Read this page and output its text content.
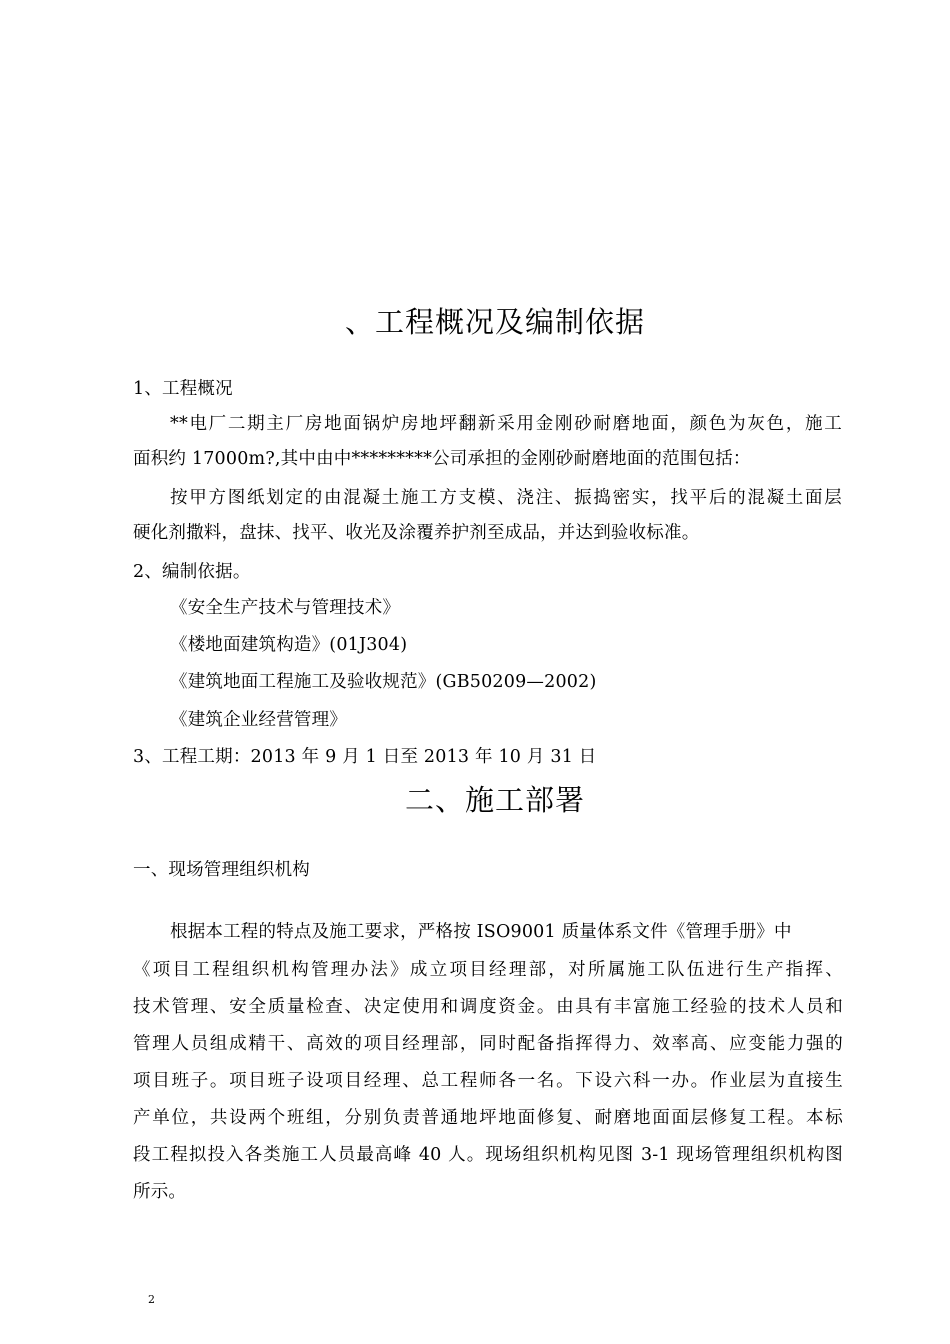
、工程概况及编制依据
1、工程概况
**电厂二期主厂房地面锅炉房地坪翻新采用金刚砂耐磨地面，颜色为灰色，施工
面积约 17000m?,其中由中*********公司承担的金刚砂耐磨地面的范围包括：
按甲方图纸划定的由混凝土施工方支模、浇注、振捣密实，找平后的混凝土面层
硬化剂撒料，盘抹、找平、收光及涂覆养护剂至成品，并达到验收标准。
2、编制依据。
《安全生产技术与管理技术》
《楼地面建筑构造》(01J304)
《建筑地面工程施工及验收规范》(GB50209—2002)
《建筑企业经营管理》
3、工程工期：2013 年 9 月 1 日至 2013 年 10 月 31 日
二、施工部署
一、现场管理组织机构
根据本工程的特点及施工要求，严格按 ISO9001 质量体系文件《管理手册》中
《项目工程组织机构管理办法》成立项目经理部，对所属施工队伍进行生产指挥、
技术管理、安全质量检查、决定使用和调度资金。由具有丰富施工经验的技术人员和
管理人员组成精干、高效的项目经理部，同时配备指挥得力、效率高、应变能力强的
项目班子。项目班子设项目经理、总工程师各一名。下设六科一办。作业层为直接生
产单位，共设两个班组，分别负责普通地坪地面修复、耐磨地面面层修复工程。本标
段工程拟投入各类施工人员最高峰 40 人。现场组织机构见图 3-1 现场管理组织机构图
所示。
2
